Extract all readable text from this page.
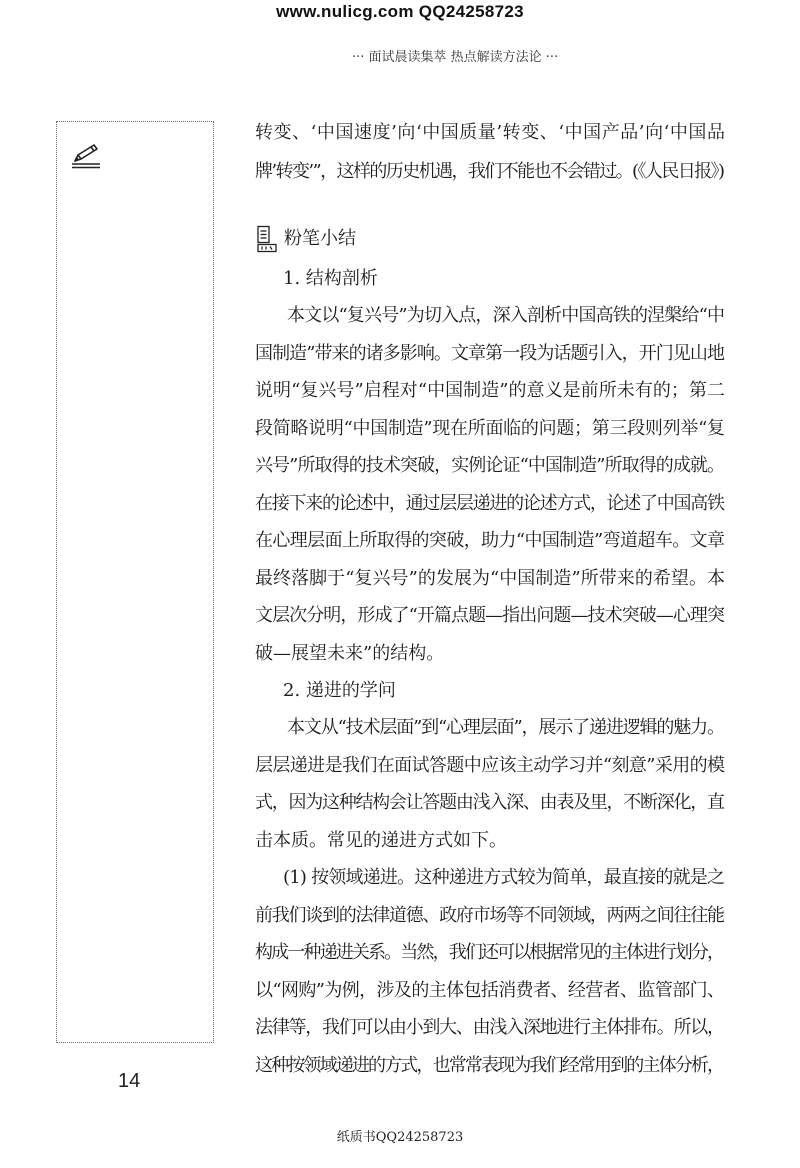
www.nulicg.com QQ24258723
··· 面试晨读集萃 热点解读方法论 ···
转变、‘中国速度’向‘中国质量’转变、‘中国产品’向‘中国品
牌’转变’”，这样的历史机遇，我们不能也不会错过。(《人民日报》)
粉笔小结
1. 结构剖析
本文以“复兴号”为切入点，深入剖析中国高铁的涅槃给“中
国制造”带来的诸多影响。文章第一段为话题引入，开门见山地
说明“复兴号”启程对“中国制造”的意义是前所未有的；第二
段简略说明“中国制造”现在所面临的问题；第三段则列举“复
兴号”所取得的技术突破，实例论证“中国制造”所取得的成就。
在接下来的论述中，通过层层递进的论述方式，论述了中国高铁
在心理层面上所取得的突破，助力“中国制造”弯道超车。文章
最终落脚于“复兴号”的发展为“中国制造”所带来的希望。本
文层次分明，形成了“开篇点题—指出问题—技术突破—心理突
破—展望未来”的结构。
2. 递进的学问
本文从“技术层面”到“心理层面”，展示了递进逻辑的魅力。
层层递进是我们在面试答题中应该主动学习并“刻意”采用的模
式，因为这种结构会让答题由浅入深、由表及里，不断深化，直
击本质。常见的递进方式如下。
(1) 按领域递进。这种递进方式较为简单，最直接的就是之
前我们谈到的法律道德、政府市场等不同领域，两两之间往往能
构成一种递进关系。当然，我们还可以根据常见的主体进行划分，
以“网购”为例，涉及的主体包括消费者、经营者、监管部门、
法律等，我们可以由小到大、由浅入深地进行主体排布。所以，
这种按领域递进的方式，也常常表现为我们经常用到的主体分析，
14
纸质书QQ24258723
